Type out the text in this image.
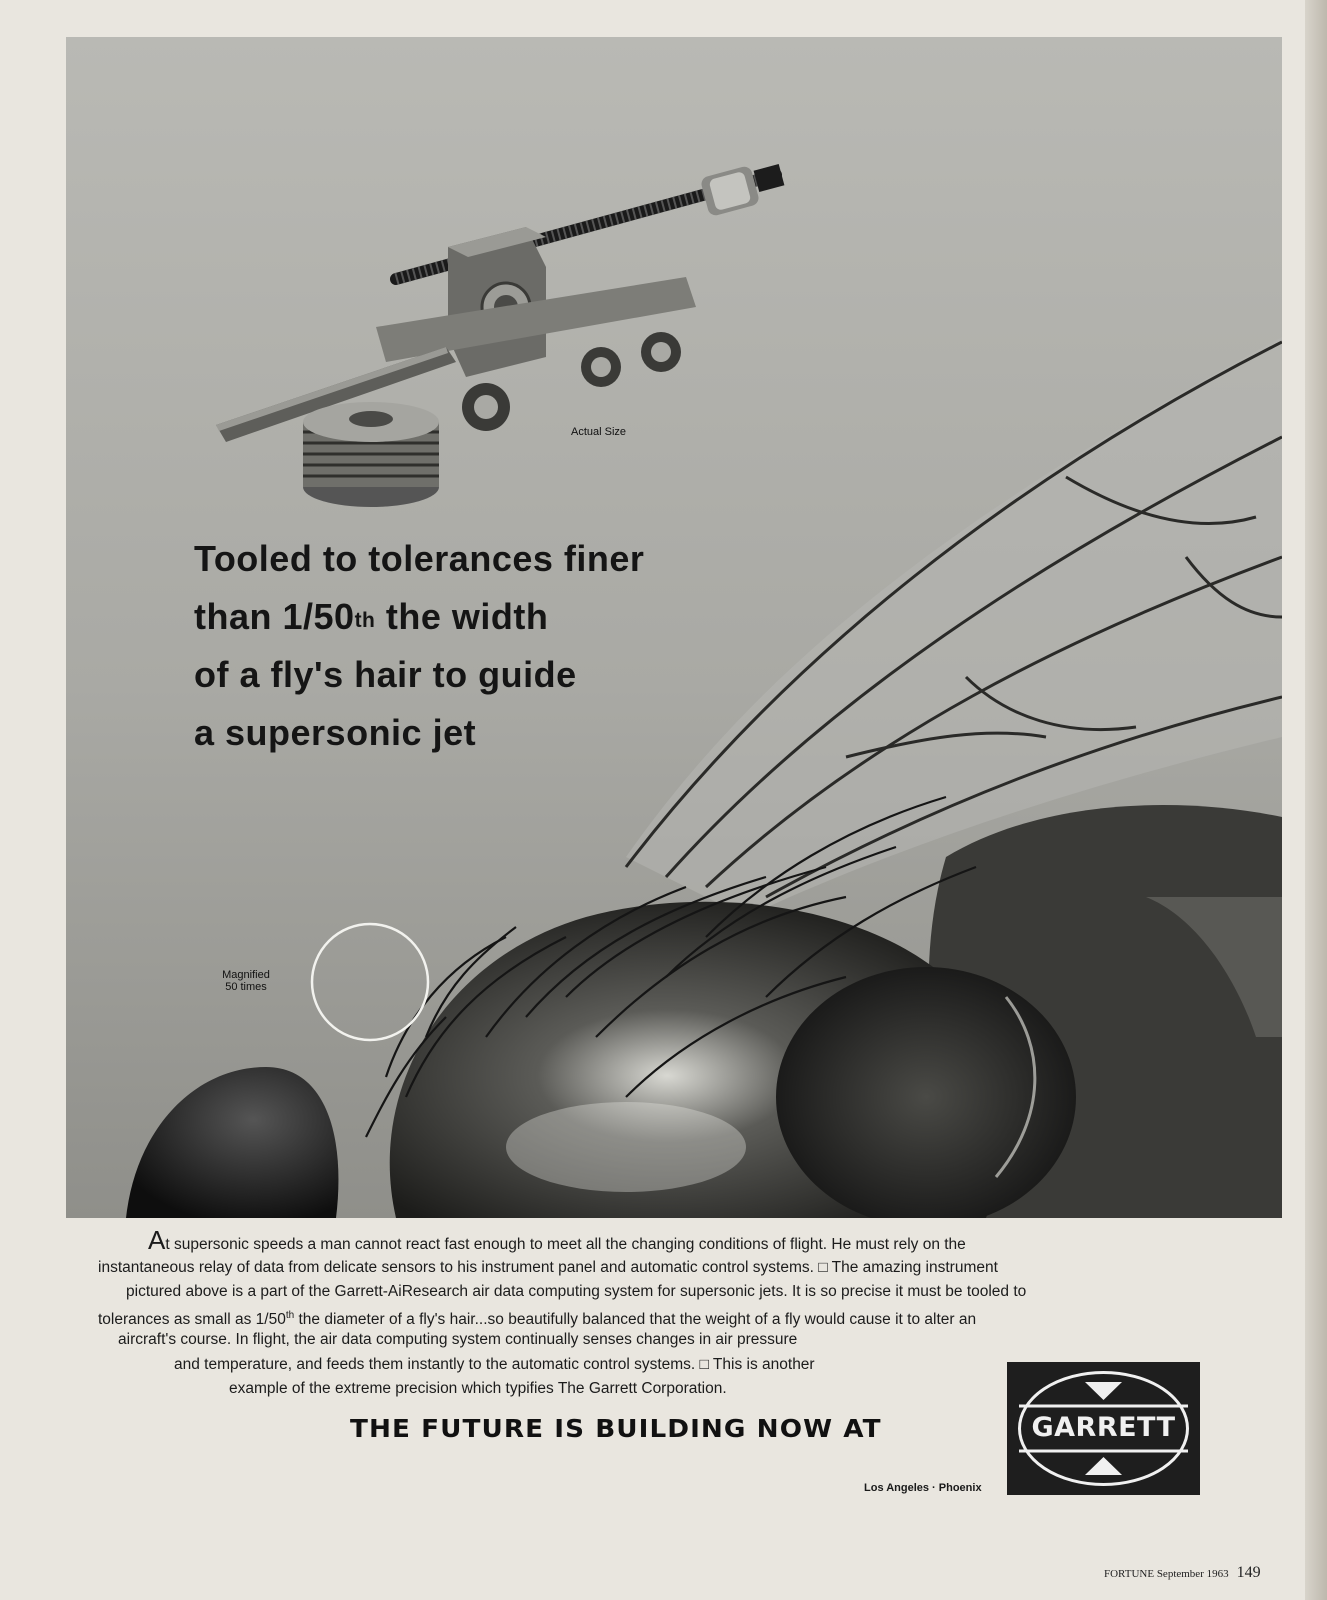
Actual Size
Magnified
50 times
Tooled to tolerances finer
than 1/50th the width
of a fly's hair to guide
a supersonic jet
At supersonic speeds a man cannot react fast enough to meet all the changing conditions of flight. He must rely on the
instantaneous relay of data from delicate sensors to his instrument panel and automatic control systems. □ The amazing instrument
pictured above is a part of the Garrett-AiResearch air data computing system for supersonic jets. It is so precise it must be tooled to
tolerances as small as 1/50th the diameter of a fly's hair...so beautifully balanced that the weight of a fly would cause it to alter an
aircraft's course. In flight, the air data computing system continually senses changes in air pressure
and temperature, and feeds them instantly to the automatic control systems. □ This is another
example of the extreme precision which typifies The Garrett Corporation.
THE FUTURE IS BUILDING NOW AT	GARRETT
Los Angeles · Phoenix
FORTUNE September 1963 149
